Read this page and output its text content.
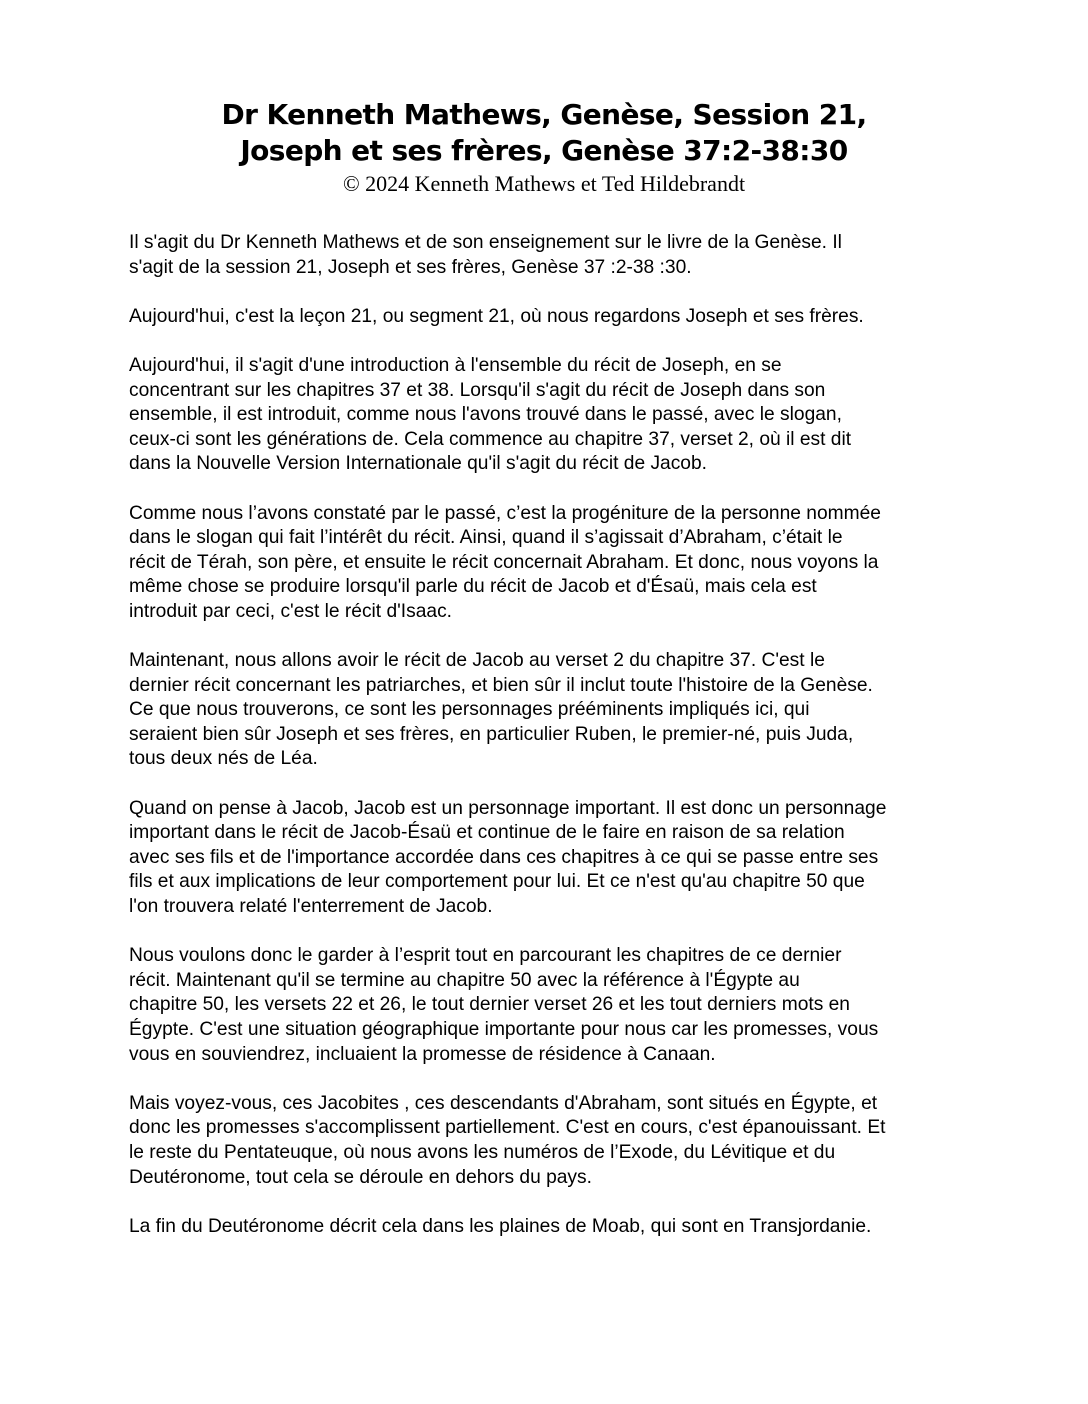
Dr Kenneth Mathews, Genèse, Session 21,
Joseph et ses frères, Genèse 37:2-38:30
© 2024 Kenneth Mathews et Ted Hildebrandt

Il s'agit du Dr Kenneth Mathews et de son enseignement sur le livre de la Genèse. Il
s'agit de la session 21, Joseph et ses frères, Genèse 37 :2-38 :30.

Aujourd'hui, c'est la leçon 21, ou segment 21, où nous regardons Joseph et ses frères.

Aujourd'hui, il s'agit d'une introduction à l'ensemble du récit de Joseph, en se
concentrant sur les chapitres 37 et 38. Lorsqu'il s'agit du récit de Joseph dans son
ensemble, il est introduit, comme nous l'avons trouvé dans le passé, avec le slogan,
ceux-ci sont les générations de. Cela commence au chapitre 37, verset 2, où il est dit
dans la Nouvelle Version Internationale qu'il s'agit du récit de Jacob.

Comme nous l’avons constaté par le passé, c’est la progéniture de la personne nommée
dans le slogan qui fait l’intérêt du récit. Ainsi, quand il s’agissait d’Abraham, c’était le
récit de Térah, son père, et ensuite le récit concernait Abraham. Et donc, nous voyons la
même chose se produire lorsqu'il parle du récit de Jacob et d'Ésaü, mais cela est
introduit par ceci, c'est le récit d'Isaac.

Maintenant, nous allons avoir le récit de Jacob au verset 2 du chapitre 37. C'est le
dernier récit concernant les patriarches, et bien sûr il inclut toute l'histoire de la Genèse.
Ce que nous trouverons, ce sont les personnages prééminents impliqués ici, qui
seraient bien sûr Joseph et ses frères, en particulier Ruben, le premier-né, puis Juda,
tous deux nés de Léa.

Quand on pense à Jacob, Jacob est un personnage important. Il est donc un personnage
important dans le récit de Jacob-Ésaü et continue de le faire en raison de sa relation
avec ses fils et de l'importance accordée dans ces chapitres à ce qui se passe entre ses
fils et aux implications de leur comportement pour lui. Et ce n'est qu'au chapitre 50 que
l'on trouvera relaté l'enterrement de Jacob.

Nous voulons donc le garder à l’esprit tout en parcourant les chapitres de ce dernier
récit. Maintenant qu'il se termine au chapitre 50 avec la référence à l'Égypte au
chapitre 50, les versets 22 et 26, le tout dernier verset 26 et les tout derniers mots en
Égypte. C'est une situation géographique importante pour nous car les promesses, vous
vous en souviendrez, incluaient la promesse de résidence à Canaan.

Mais voyez-vous, ces Jacobites , ces descendants d'Abraham, sont situés en Égypte, et
donc les promesses s'accomplissent partiellement. C'est en cours, c'est épanouissant. Et
le reste du Pentateuque, où nous avons les numéros de l’Exode, du Lévitique et du
Deutéronome, tout cela se déroule en dehors du pays.

La fin du Deutéronome décrit cela dans les plaines de Moab, qui sont en Transjordanie.
